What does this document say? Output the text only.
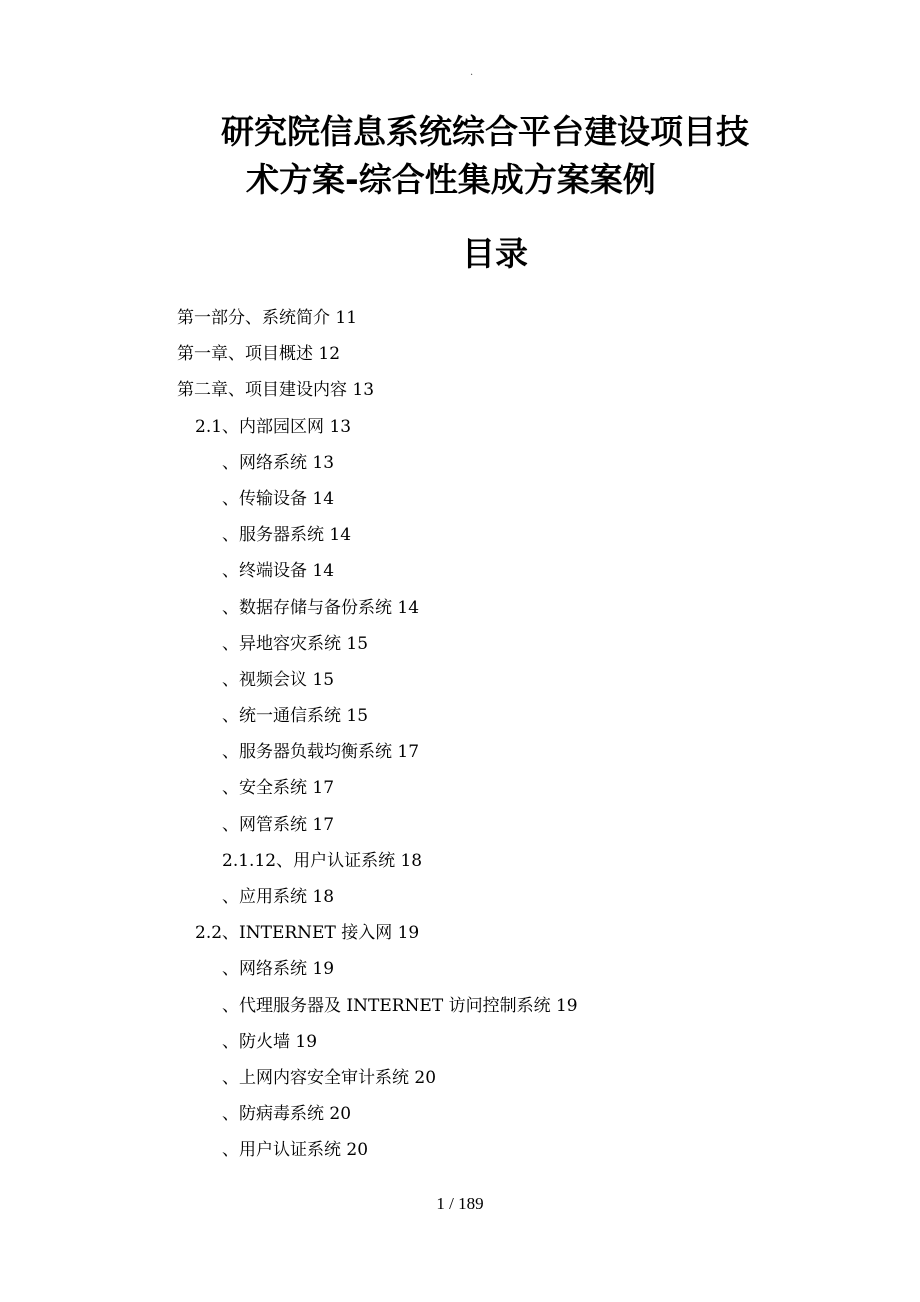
.
研究院信息系统综合平台建设项目技
术方案-综合性集成方案案例
目录
第一部分、系统简介 11
第一章、项目概述 12
第二章、项目建设内容 13
2.1、内部园区网 13
、网络系统 13
、传输设备 14
、服务器系统 14
、终端设备 14
、数据存储与备份系统 14
、异地容灾系统 15
、视频会议 15
、统一通信系统 15
、服务器负载均衡系统 17
、安全系统 17
、网管系统 17
2.1.12、用户认证系统 18
、应用系统 18
2.2、INTERNET 接入网 19
、网络系统 19
、代理服务器及 INTERNET 访问控制系统 19
、防火墙 19
、上网内容安全审计系统 20
、防病毒系统 20
、用户认证系统 20
1 / 189
